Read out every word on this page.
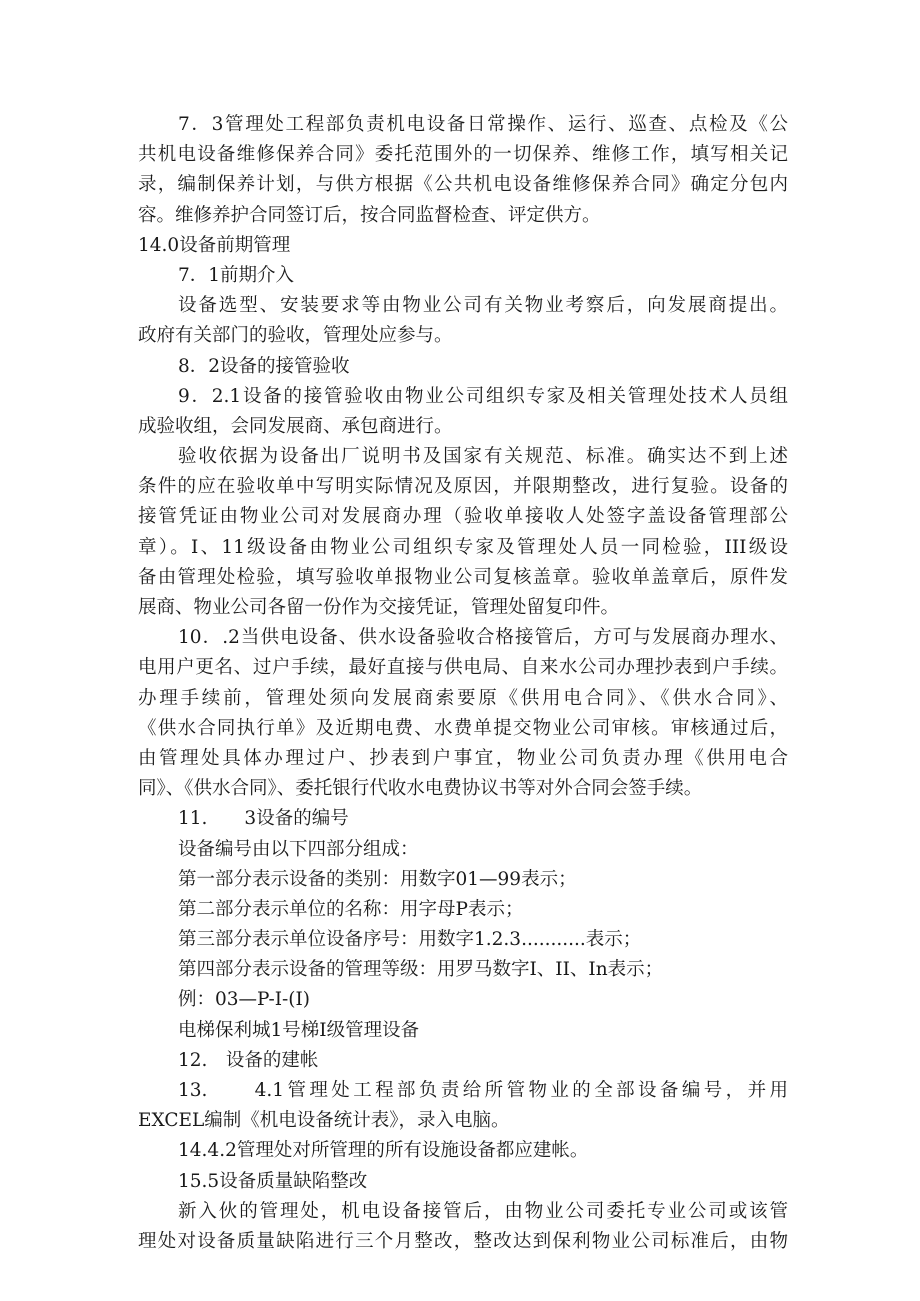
7．3管理处工程部负责机电设备日常操作、运行、巡查、点检及《公
共机电设备维修保养合同》委托范围外的一切保养、维修工作，填写相关记
录，编制保养计划，与供方根据《公共机电设备维修保养合同》确定分包内
容。维修养护合同签订后，按合同监督检查、评定供方。
14.0设备前期管理
7．1前期介入
设备选型、安装要求等由物业公司有关物业考察后，向发展商提出。
政府有关部门的验收，管理处应参与。
8．2设备的接管验收
9．2.1设备的接管验收由物业公司组织专家及相关管理处技术人员组
成验收组，会同发展商、承包商进行。
验收依据为设备出厂说明书及国家有关规范、标准。确实达不到上述
条件的应在验收单中写明实际情况及原因，并限期整改，进行复验。设备的
接管凭证由物业公司对发展商办理（验收单接收人处签字盖设备管理部公
章）。I、11级设备由物业公司组织专家及管理处人员一同检验，III级设
备由管理处检验，填写验收单报物业公司复核盖章。验收单盖章后，原件发
展商、物业公司各留一份作为交接凭证，管理处留复印件。
10．.2当供电设备、供水设备验收合格接管后，方可与发展商办理水、
电用户更名、过户手续，最好直接与供电局、自来水公司办理抄表到户手续。
办理手续前，管理处须向发展商索要原《供用电合同》、《供水合同》、
《供水合同执行单》及近期电费、水费单提交物业公司审核。审核通过后，
由管理处具体办理过户、抄表到户事宜，物业公司负责办理《供用电合
同》、《供水合同》、委托银行代收水电费协议书等对外合同会签手续。
11.　　3设备的编号
设备编号由以下四部分组成：
第一部分表示设备的类别：用数字01—99表示；
第二部分表示单位的名称：用字母P表示；
第三部分表示单位设备序号：用数字1.2.3...........表示；
第四部分表示设备的管理等级：用罗马数字I、II、In表示；
例：03—P-I-(I)
电梯保利城1号梯I级管理设备
12.　设备的建帐
13.　　4.1管理处工程部负责给所管物业的全部设备编号，并用
EXCEL编制《机电设备统计表》，录入电脑。
14.4.2管理处对所管理的所有设施设备都应建帐。
15.5设备质量缺陷整改
新入伙的管理处，机电设备接管后，由物业公司委托专业公司或该管
理处对设备质量缺陷进行三个月整改，整改达到保利物业公司标准后，由物
